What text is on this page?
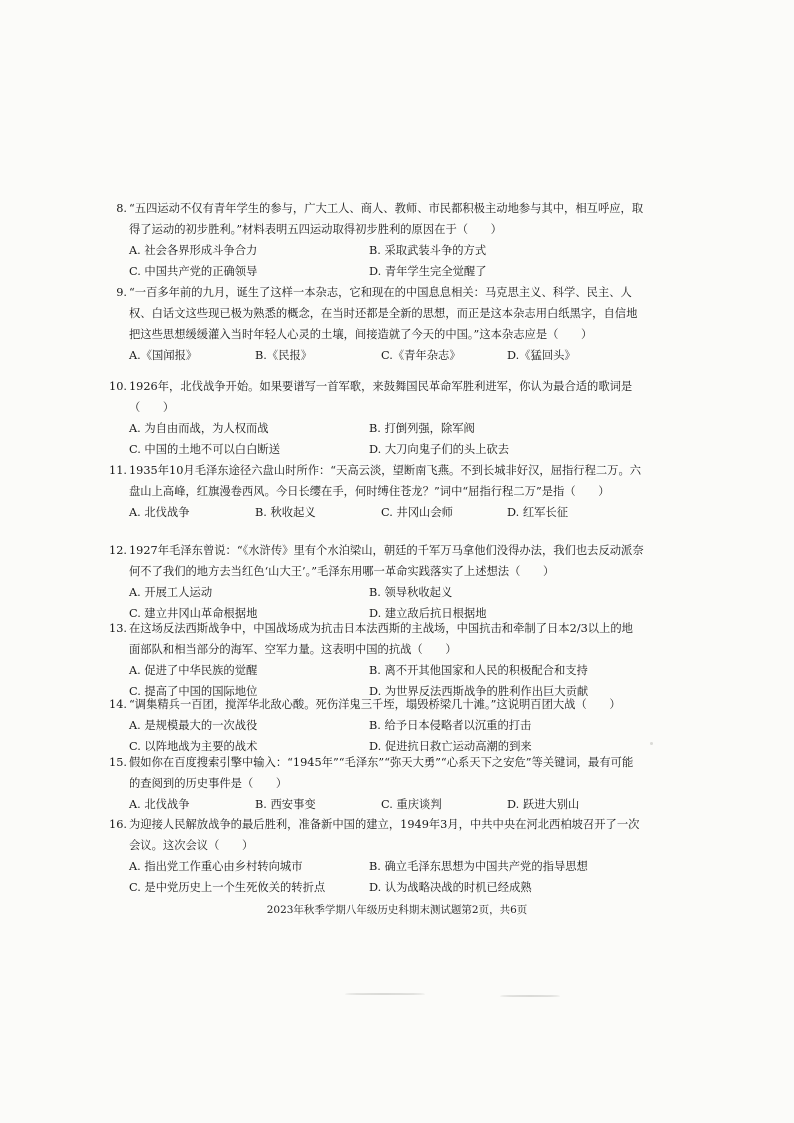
8. “五四运动不仅有青年学生的参与，广大工人、商人、教师、市民都积极主动地参与其中，相互呼应，取得了运动的初步胜利。”材料表明五四运动取得初步胜利的原因在于（　　）
A. 社会各界形成斗争合力	B. 采取武装斗争的方式
C. 中国共产党的正确领导	D. 青年学生完全觉醒了
9. “一百多年前的九月，诞生了这样一本杂志，它和现在的中国息息相关：马克思主义、科学、民主、人权、白话文这些现已极为熟悉的概念，在当时还都是全新的思想，而正是这本杂志用白纸黑字，自信地把这些思想缓缓灌入当时年轻人心灵的土壤，间接造就了今天的中国。”这本杂志应是（　　）
A.《国闻报》	B.《民报》	C.《青年杂志》	D.《猛回头》
10. 1926年，北伐战争开始。如果要谱写一首军歌，来鼓舞国民革命军胜利进军，你认为最合适的歌词是（　　）
A. 为自由而战，为人权而战	B. 打倒列强，除军阀
C. 中国的土地不可以白白断送	D. 大刀向鬼子们的头上砍去
11. 1935年10月毛泽东途径六盘山时所作：“天高云淡，望断南飞燕。不到长城非好汉，屈指行程二万。六盘山上高峰，红旗漫卷西风。今日长缨在手，何时缚住苍龙？”词中“屈指行程二万”是指（　　）
A. 北伐战争	B. 秋收起义	C. 井冈山会师	D. 红军长征
12. 1927年毛泽东曾说：“《水浒传》里有个水泊梁山，朝廷的千军万马拿他们没得办法，我们也去反动派奈何不了我们的地方去当红色‘山大王’。”毛泽东用哪一革命实践落实了上述想法（　　）
A. 开展工人运动	B. 领导秋收起义
C. 建立井冈山革命根据地	D. 建立敌后抗日根据地
13. 在这场反法西斯战争中，中国战场成为抗击日本法西斯的主战场，中国抗击和牵制了日本2/3以上的地面部队和相当部分的海军、空军力量。这表明中国的抗战（　　）
A. 促进了中华民族的觉醒	B. 离不开其他国家和人民的积极配合和支持
C. 提高了中国的国际地位	D. 为世界反法西斯战争的胜利作出巨大贡献
14. “调集精兵一百团，搅浑华北敌心酸。死伤洋鬼三千垤，塌毁桥梁几十滩。”这说明百团大战（　　）
A. 是规模最大的一次战役	B. 给予日本侵略者以沉重的打击
C. 以阵地战为主要的战术	D. 促进抗日救亡运动高潮的到来
15. 假如你在百度搜索引擎中输入：“1945年”“毛泽东”“弥天大勇”“心系天下之安危”等关键词，最有可能的查阅到的历史事件是（　　）
A. 北伐战争	B. 西安事变	C. 重庆谈判	D. 跃进大别山
16. 为迎接人民解放战争的最后胜利，准备新中国的建立，1949年3月，中共中央在河北西柏坡召开了一次会议。这次会议（　　）
A. 指出党工作重心由乡村转向城市	B. 确立毛泽东思想为中国共产党的指导思想
C. 是中党历史上一个生死攸关的转折点	D. 认为战略决战的时机已经成熟
2023年秋季学期八年级历史科期末测试题第2页，共6页
